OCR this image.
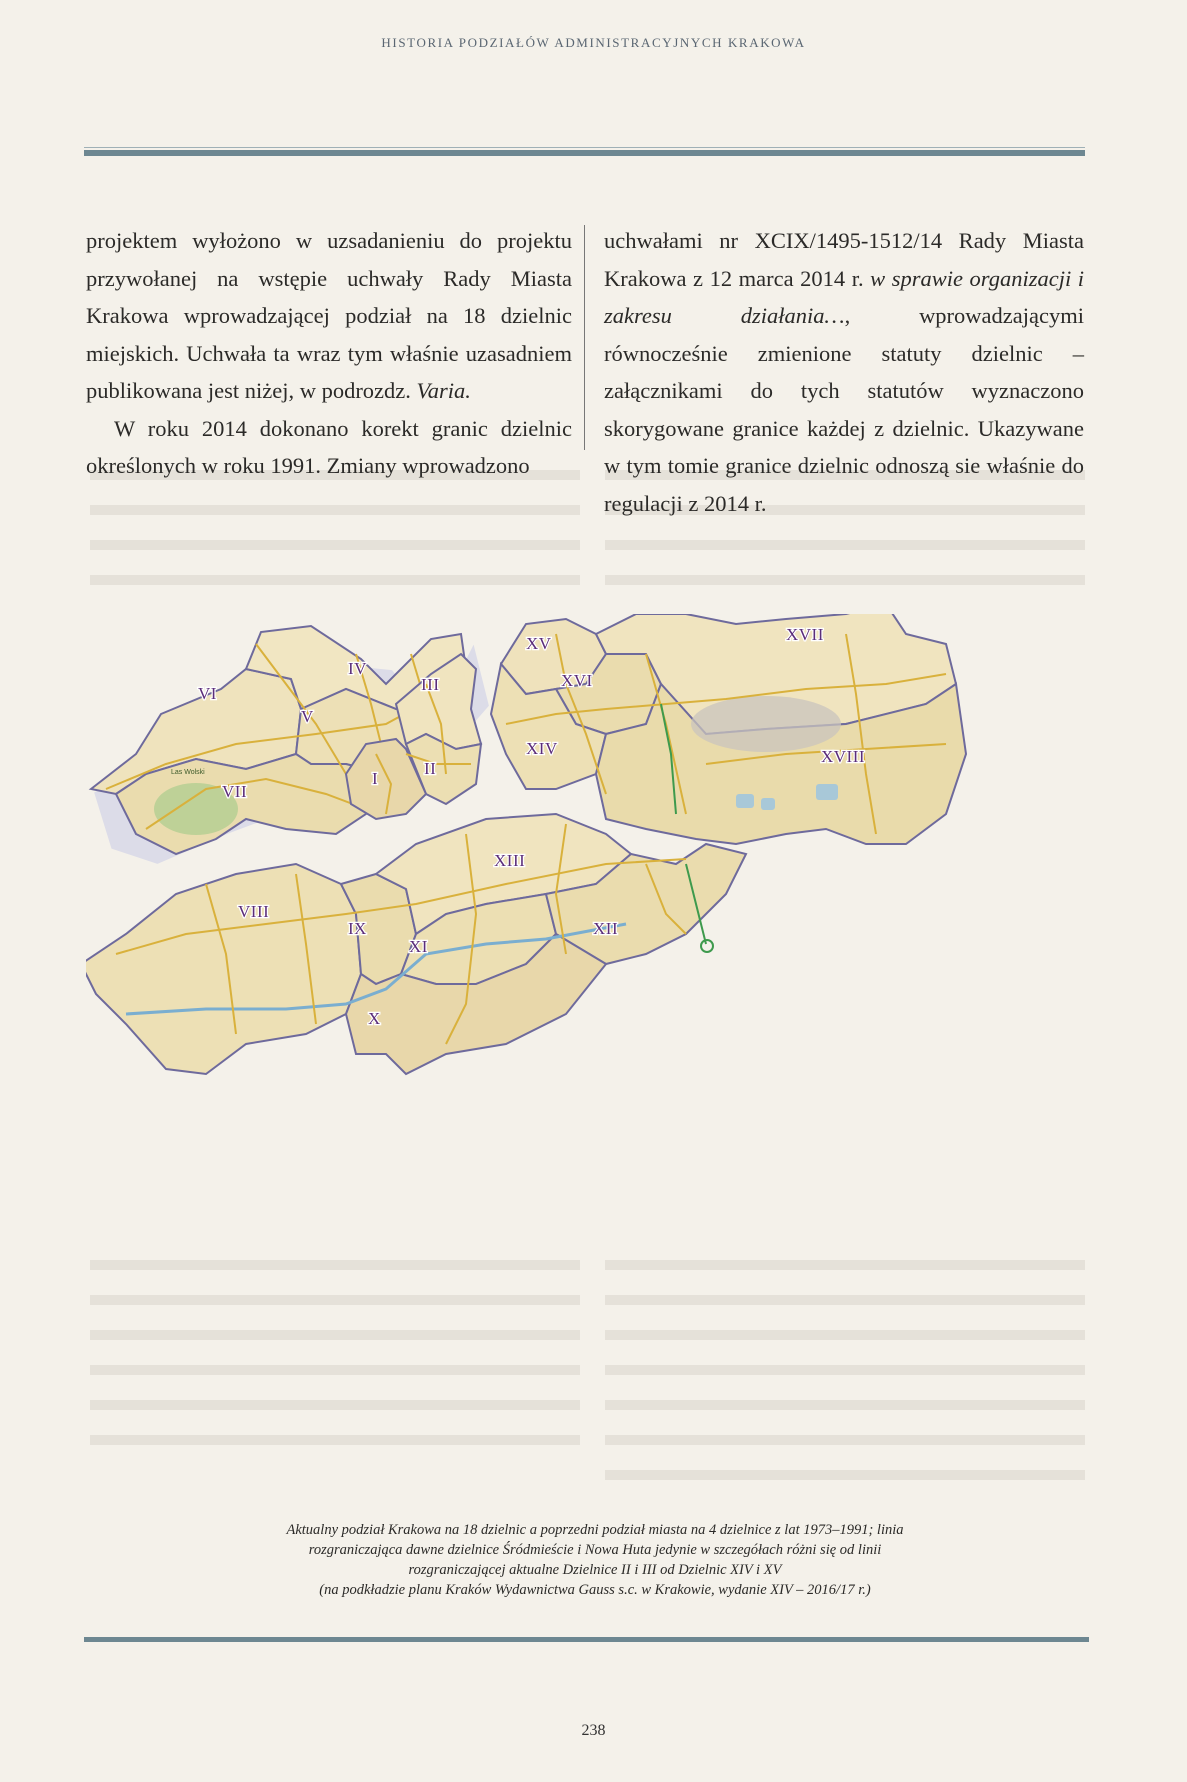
HISTORIA PODZIAŁÓW ADMINISTRACYJNYCH KRAKOWA

projektem wyłożono w uzsadanieniu do projektu przywołanej na wstępie uchwały Rady Miasta Krakowa wprowadzającej podział na 18 dzielnic miejskich. Uchwała ta wraz tym właśnie uzasadniem publikowana jest niżej, w podrozdz. Varia.

W roku 2014 dokonano korekt granic dzielnic określonych w roku 1991. Zmiany wprowadzono

uchwałami nr XCIX/1495-1512/14 Rady Miasta Krakowa z 12 marca 2014 r. w sprawie organizacji i zakresu działania…, wprowadzającymi równocześnie zmienione statuty dzielnic – załącznikami do tych statutów wyznaczono skorygowane granice każdej z dzielnic. Ukazywane w tym tomie granice dzielnic odnoszą sie właśnie do regulacji z 2014 r.

VI
IV
V
VII
Las Wolski
III
II
I
XV
XVI
XIV
XVII
XVIII
VIII
IX
XIII
XI
XII
X
Aktualny podział Krakowa na 18 dzielnic a poprzedni podział miasta na 4 dzielnice z lat 1973–1991; linia
rozgraniczająca dawne dzielnice Śródmieście i Nowa Huta jedynie w szczegółach różni się od linii
rozgraniczającej aktualne Dzielnice II i III od Dzielnic XIV i XV
(na podkładzie planu Kraków Wydawnictwa Gauss s.c. w Krakowie, wydanie XIV – 2016/17 r.)
238
